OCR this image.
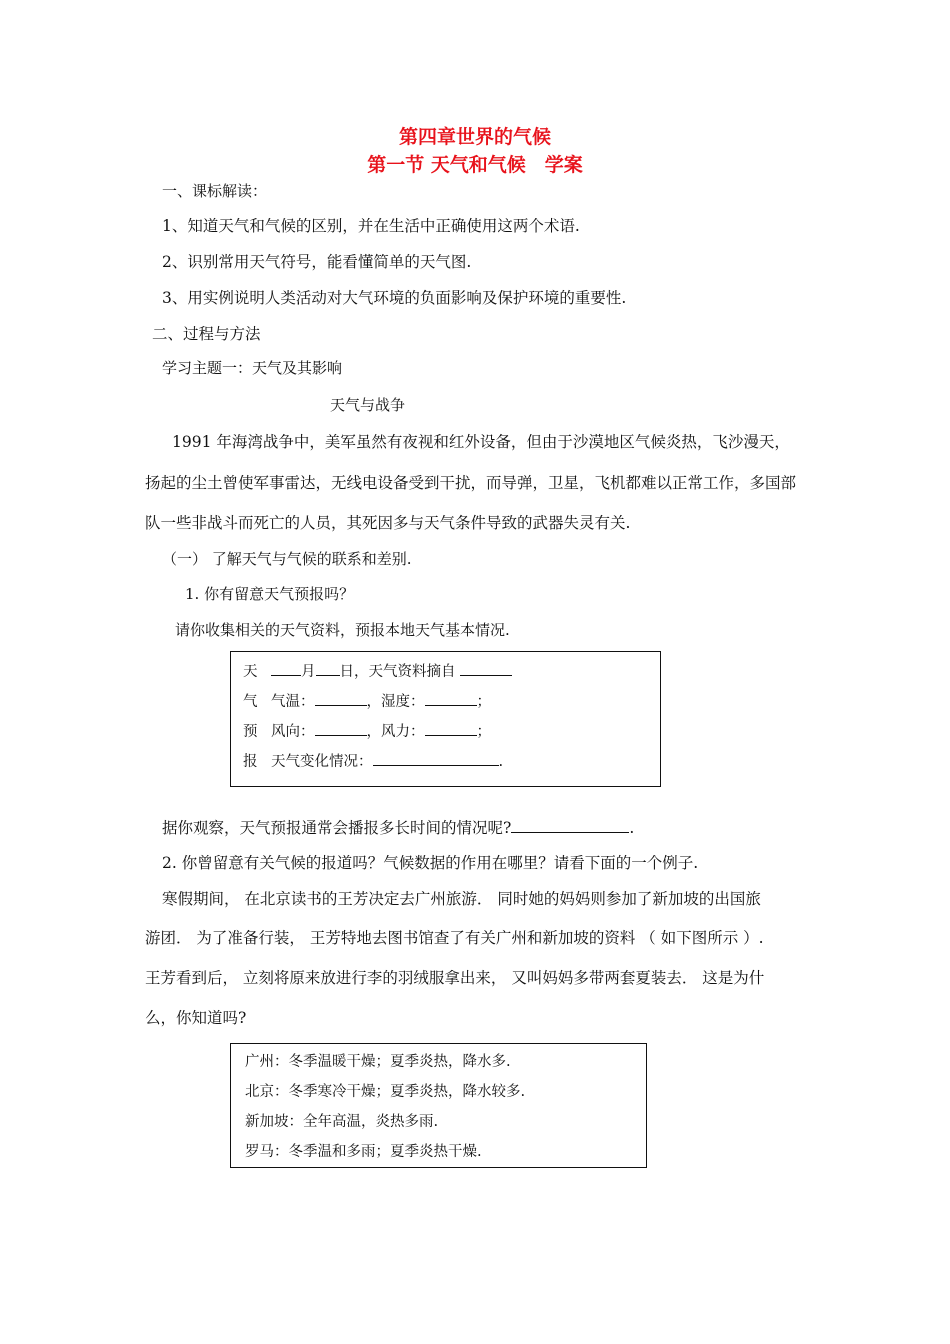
第四章世界的气候
第一节 天气和气候　学案
一、课标解读：
1、知道天气和气候的区别，并在生活中正确使用这两个术语.
2、识别常用天气符号，能看懂简单的天气图.
3、用实例说明人类活动对大气环境的负面影响及保护环境的重要性.
二、过程与方法
学习主题一：天气及其影响
天气与战争
1991 年海湾战争中，美军虽然有夜视和红外设备，但由于沙漠地区气候炎热，飞沙漫天，
扬起的尘土曾使军事雷达，无线电设备受到干扰，而导弹，卫星，飞机都难以正常工作，多国部
队一些非战斗而死亡的人员，其死因多与天气条件导致的武器失灵有关.
（一） 了解天气与气候的联系和差别.
1. 你有留意天气预报吗？
请你收集相关的天气资料，预报本地天气基本情况.
天	月 日，天气资料摘自
气 气温：	，湿度：	；
预 风向：	，风力：	；
报 天气变化情况：	.
据你观察，天气预报通常会播报多长时间的情况呢?	.
2. 你曾留意有关气候的报道吗？气候数据的作用在哪里？请看下面的一个例子.
寒假期间， 在北京读书的王芳决定去广州旅游． 同时她的妈妈则参加了新加坡的出国旅
游团． 为了准备行装， 王芳特地去图书馆查了有关广州和新加坡的资料 （ 如下图所示 ）.
王芳看到后， 立刻将原来放进行李的羽绒服拿出来， 又叫妈妈多带两套夏装去． 这是为什
么，你知道吗?
广州：冬季温暖干燥；夏季炎热，降水多.
北京：冬季寒冷干燥；夏季炎热，降水较多.
新加坡：全年高温，炎热多雨.
罗马：冬季温和多雨；夏季炎热干燥.
